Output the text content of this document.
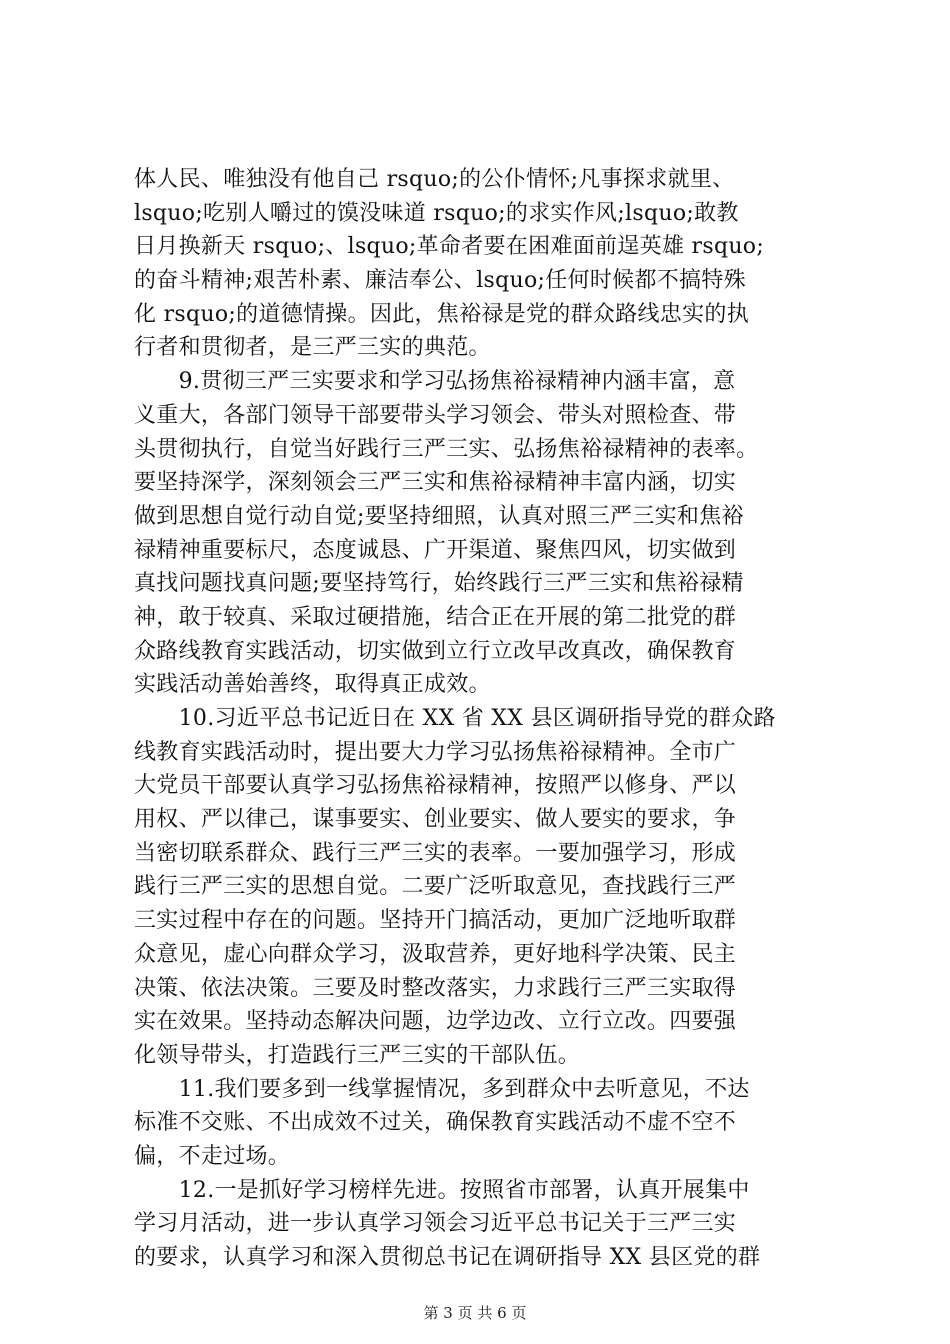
体人民、唯独没有他自己 rsquo;的公仆情怀;凡事探求就里、
lsquo;吃别人嚼过的馍没味道 rsquo;的求实作风;lsquo;敢教
日月换新天 rsquo;、lsquo;革命者要在困难面前逞英雄 rsquo;
的奋斗精神;艰苦朴素、廉洁奉公、lsquo;任何时候都不搞特殊
化 rsquo;的道德情操。因此，焦裕禄是党的群众路线忠实的执
行者和贯彻者，是三严三实的典范。
　　9.贯彻三严三实要求和学习弘扬焦裕禄精神内涵丰富，意
义重大，各部门领导干部要带头学习领会、带头对照检查、带
头贯彻执行，自觉当好践行三严三实、弘扬焦裕禄精神的表率。
要坚持深学，深刻领会三严三实和焦裕禄精神丰富内涵，切实
做到思想自觉行动自觉;要坚持细照，认真对照三严三实和焦裕
禄精神重要标尺，态度诚恳、广开渠道、聚焦四风，切实做到
真找问题找真问题;要坚持笃行，始终践行三严三实和焦裕禄精
神，敢于较真、采取过硬措施，结合正在开展的第二批党的群
众路线教育实践活动，切实做到立行立改早改真改，确保教育
实践活动善始善终，取得真正成效。
　　10.习近平总书记近日在 XX 省 XX 县区调研指导党的群众路
线教育实践活动时，提出要大力学习弘扬焦裕禄精神。全市广
大党员干部要认真学习弘扬焦裕禄精神，按照严以修身、严以
用权、严以律己，谋事要实、创业要实、做人要实的要求，争
当密切联系群众、践行三严三实的表率。一要加强学习，形成
践行三严三实的思想自觉。二要广泛听取意见，查找践行三严
三实过程中存在的问题。坚持开门搞活动，更加广泛地听取群
众意见，虚心向群众学习，汲取营养，更好地科学决策、民主
决策、依法决策。三要及时整改落实，力求践行三严三实取得
实在效果。坚持动态解决问题，边学边改、立行立改。四要强
化领导带头，打造践行三严三实的干部队伍。
　　11.我们要多到一线掌握情况，多到群众中去听意见，不达
标准不交账、不出成效不过关，确保教育实践活动不虚不空不
偏，不走过场。
　　12.一是抓好学习榜样先进。按照省市部署，认真开展集中
学习月活动，进一步认真学习领会习近平总书记关于三严三实
的要求，认真学习和深入贯彻总书记在调研指导 XX 县区党的群
第 3 页 共 6 页
